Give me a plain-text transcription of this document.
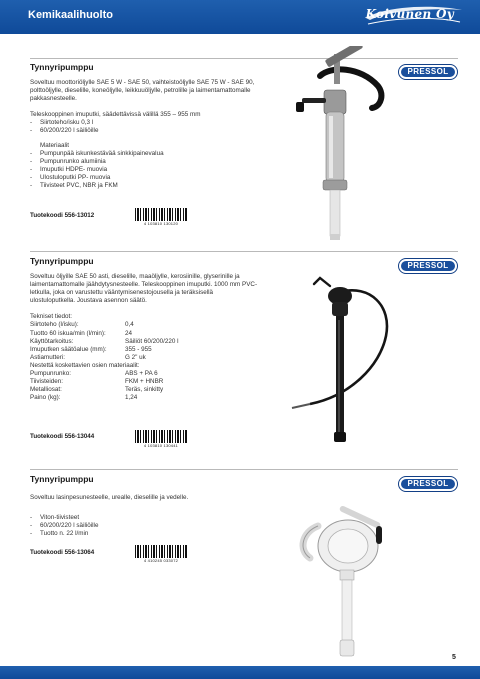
Kemikaalihuolto	Koivunen Oy
Tynnyripumppu	PRESSOL

Soveltuu moottoriöljylle SAE 5 W - SAE 50, vaihteistoöljylle SAE 75 W - SAE 90, polttoöljylle, dieselille, koneöljylle, leikkuuöljylle, petrolille ja laimentamattomalle pakkasnesteelle.

Teleskooppinen imuputki, säädettävissä välillä 355 – 955 mm

- Siirtoteho/isku 0,3 l
- 60/200/220 l säiliöille

Materiaalit

- Pumpunpää iskunkestävää sinkkipainevalua
- Pumpunrunko alumiinia
- Imuputki HDPE- muovia
- Ulostuloputki PP- muovia
- Tiivisteet PVC, NBR ja FKM
Tuotekoodi 556-13012
4 103810 130120
Tynnyripumppu	PRESSOL

Soveltuu öljyille SAE 50 asti, dieselille, maaöljylle, kerosiinille, glyserinille ja laimentamattomalle jäähdytysnesteelle. Teleskooppinen imuputki. 1000 mm PVC- letkulla, joka on varustettu vääntymisenestojousella ja teräksisellä ulostuloputkella. Joustava asennon säätö.

Tekniset tiedot:

Siirtoteho (l/isku):	0,4
Tuotto 60 iskua/min (l/min):	24
Käyttötarkoitus:	Säiliöt 60/200/220 l
Imuputken säätöalue (mm):	355 - 955
Astiamutteri:	G 2" uk

Nestettä koskettavien osien materiaalit:

Pumpunrunko:	ABS + PA 6
Tiivisteiden:	FKM + HNBR
Metalliosat:	Teräs, sinkitty
Paino (kg):	1,24
Tuotekoodi 556-13044
4 103810 130441
Tynnyripumppu	PRESSOL

Soveltuu lasinpesunesteelle, urealle, dieselille ja vedelle.

- Viton-tiivisteet
- 60/200/220 l säiliöille
- Tuotto n. 22 l/min
Tuotekoodi 556-13064
4 410245 033072
5
